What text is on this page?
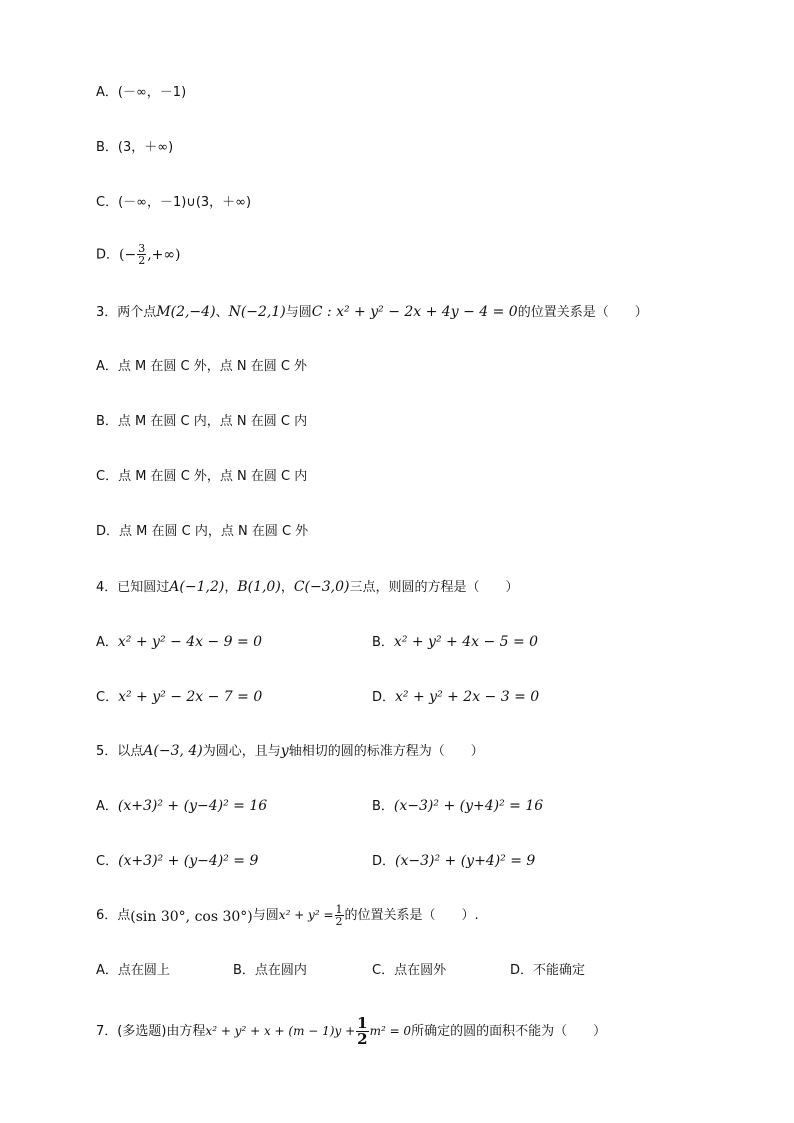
A．(－∞，－1)
B．(3，＋∞)
C．(－∞，－1)∪(3，＋∞)
D．(− $\frac{3}{2}$ ,+∞)
3．两个点M(2,−4)、N(−2,1)与圆C : x² + y² − 2x + 4y − 4 = 0的位置关系是（　　）
A．点 M 在圆 C 外，点 N 在圆 C 外
B．点 M 在圆 C 内，点 N 在圆 C 内
C．点 M 在圆 C 外，点 N 在圆 C 内
D．点 M 在圆 C 内，点 N 在圆 C 外
4．已知圆过A(−1,2)，B(1,0)，C(−3,0)三点，则圆的方程是（　　）
A．x² + y² − 4x − 9 = 0	B．x² + y² + 4x − 5 = 0
C．x² + y² − 2x − 7 = 0	D．x² + y² + 2x − 3 = 0
5．以点A(−3, 4)为圆心，且与y轴相切的圆的标准方程为（　　）
A．(x+3)² + (y−4)² = 16	B．(x−3)² + (y+4)² = 16
C．(x+3)² + (y−4)² = 9	D．(x−3)² + (y+4)² = 9
6．点(sin 30°, cos 30°)与圆$x^2 + y^2 = \frac{1}{2}$ 的位置关系是（　　）.
A．点在圆上	B．点在圆内	C．点在圆外	D．不能确定
7．(多选题)由方程$x^2 + y^2 + x + (m - 1)y + \frac{1}{2} m^2 = 0$所确定的圆的面积不能为（　　）
